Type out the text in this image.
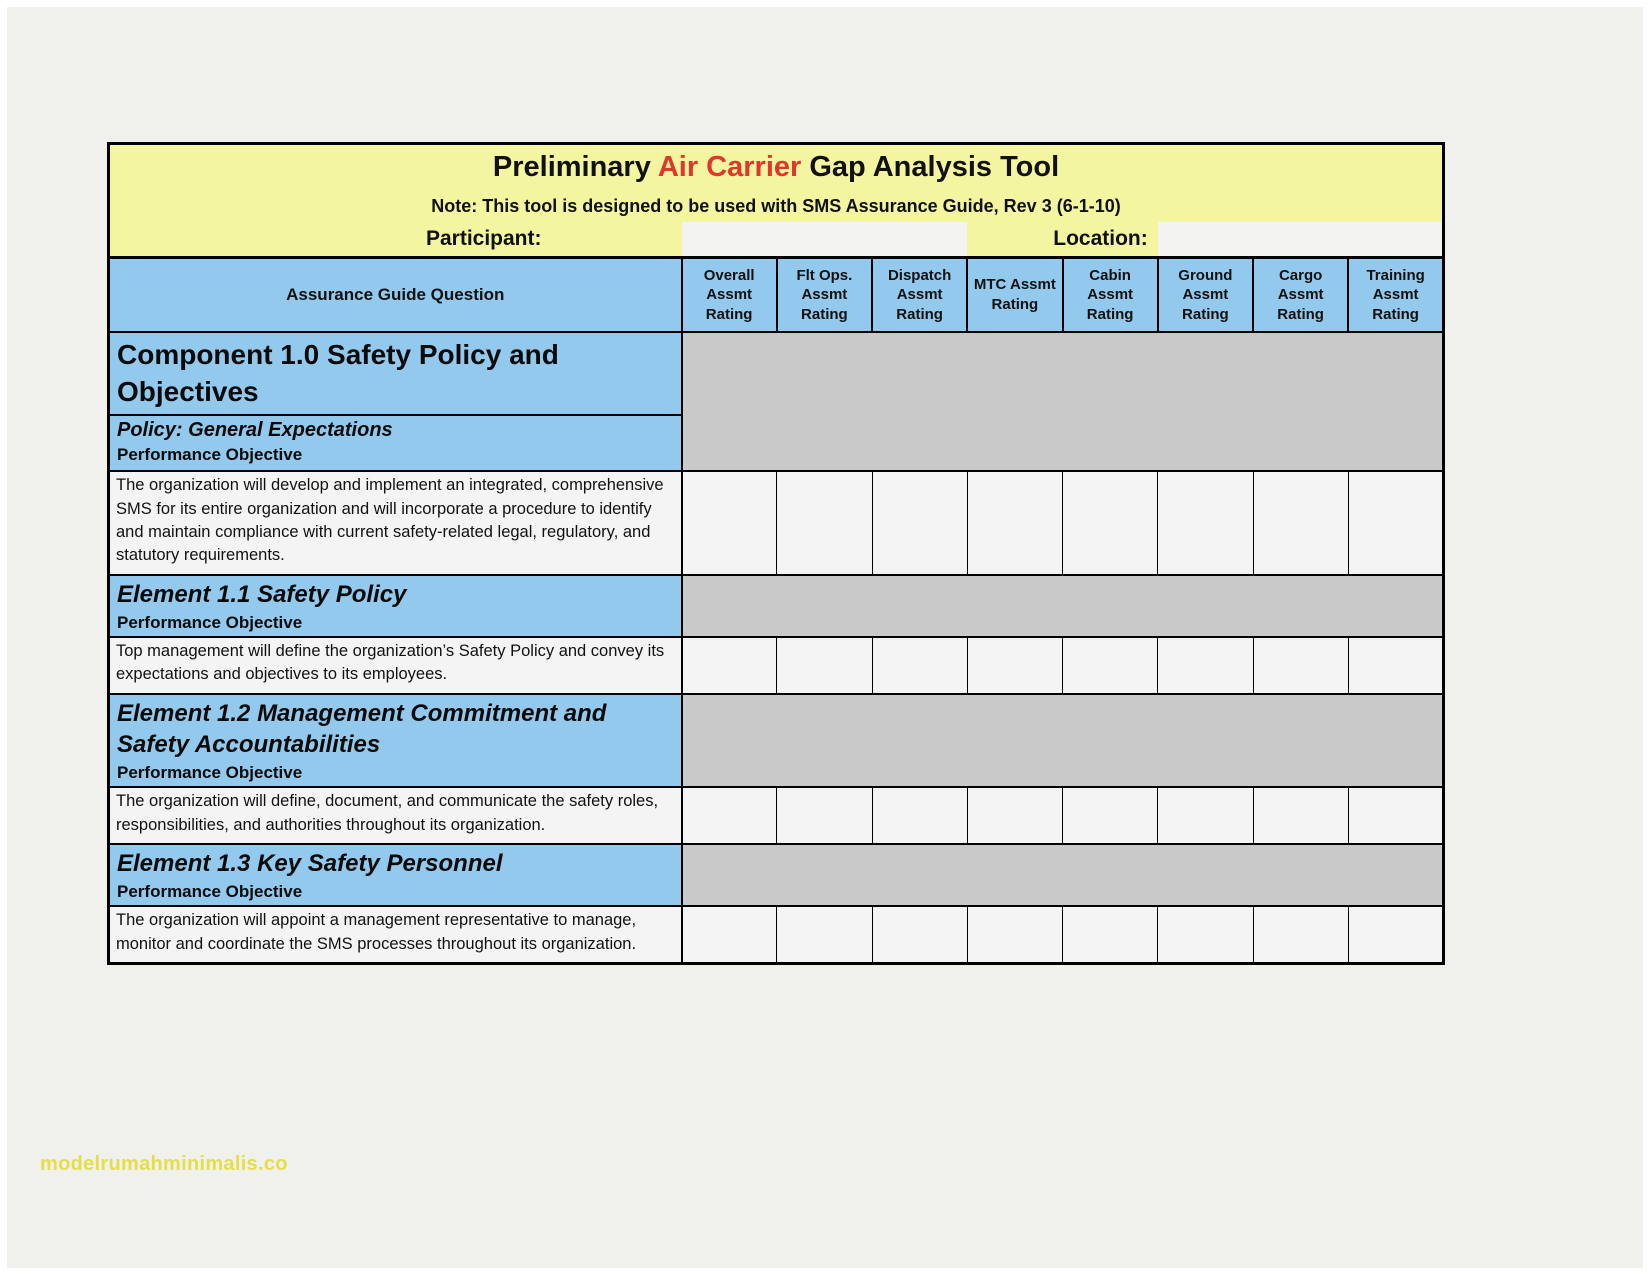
Preliminary Air Carrier Gap Analysis Tool								
Note: This tool is designed to be used with SMS Assurance Guide, Rev 3 (6-1-10)								
Participant:				Location:				
Assurance Guide Question	Overall Assmt Rating	Flt Ops. Assmt Rating	Dispatch Assmt Rating	MTC Assmt Rating	Cabin Assmt Rating	Ground Assmt Rating	Cargo Assmt Rating	Training Assmt Rating

Component 1.0 Safety Policy and Objectives								

Policy: General Expectations
Performance Objective								

The organization will develop and implement an integrated, comprehensive SMS for its entire organization and will incorporate a procedure to identify and maintain compliance with current safety-related legal, regulatory, and statutory requirements.								

Element 1.1 Safety Policy
Performance Objective								

Top management will define the organization’s Safety Policy and convey its expectations and objectives to its employees.								

Element 1.2 Management Commitment and Safety Accountabilities
Performance Objective								

The organization will define, document, and communicate the safety roles, responsibilities, and authorities throughout its organization.								

Element 1.3 Key Safety Personnel
Performance Objective								

The organization will appoint a management representative to manage, monitor and coordinate the SMS processes throughout its organization.								
modelrumahminimalis.co
